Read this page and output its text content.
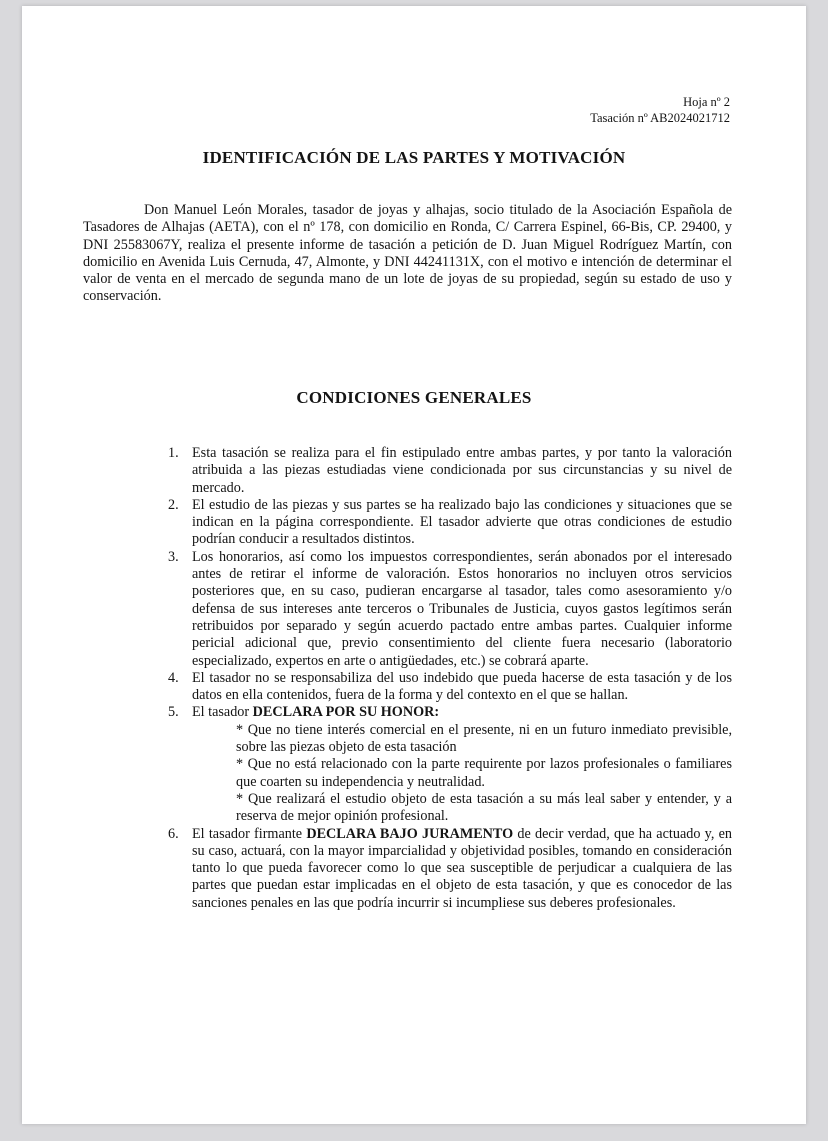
Hoja nº 2
Tasación nº AB2024021712
IDENTIFICACIÓN DE LAS PARTES Y MOTIVACIÓN

Don Manuel León Morales, tasador de joyas y alhajas, socio titulado de la Asociación Española de Tasadores de Alhajas (AETA), con el nº 178, con domicilio en Ronda, C/ Carrera Espinel, 66-Bis, CP. 29400, y DNI 25583067Y, realiza el presente informe de tasación a petición de D. Juan Miguel Rodríguez Martín, con domicilio en Avenida Luis Cernuda, 47, Almonte, y DNI 44241131X, con el motivo e intención de determinar el valor de venta en el mercado de segunda mano de un lote de joyas de su propiedad, según su estado de uso y conservación.

CONDICIONES GENERALES
1. Esta tasación se realiza para el fin estipulado entre ambas partes, y por tanto la valoración atribuida a las piezas estudiadas viene condicionada por sus circunstancias y su nivel de mercado.
2. El estudio de las piezas y sus partes se ha realizado bajo las condiciones y situaciones que se indican en la página correspondiente. El tasador advierte que otras condiciones de estudio podrían conducir a resultados distintos.
3. Los honorarios, así como los impuestos correspondientes, serán abonados por el interesado antes de retirar el informe de valoración. Estos honorarios no incluyen otros servicios posteriores que, en su caso, pudieran encargarse al tasador, tales como asesoramiento y/o defensa de sus intereses ante terceros o Tribunales de Justicia, cuyos gastos legítimos serán retribuidos por separado y según acuerdo pactado entre ambas partes. Cualquier informe pericial adicional que, previo consentimiento del cliente fuera necesario (laboratorio especializado, expertos en arte o antigüedades, etc.) se cobrará aparte.
4. El tasador no se responsabiliza del uso indebido que pueda hacerse de esta tasación y de los datos en ella contenidos, fuera de la forma y del contexto en el que se hallan.
5. El tasador DECLARA POR SU HONOR:
* Que no tiene interés comercial en el presente, ni en un futuro inmediato previsible, sobre las piezas objeto de esta tasación
* Que no está relacionado con la parte requirente por lazos profesionales o familiares que coarten su independencia y neutralidad.
* Que realizará el estudio objeto de esta tasación a su más leal saber y entender, y a reserva de mejor opinión profesional.
6. El tasador firmante DECLARA BAJO JURAMENTO de decir verdad, que ha actuado y, en su caso, actuará, con la mayor imparcialidad y objetividad posibles, tomando en consideración tanto lo que pueda favorecer como lo que sea susceptible de perjudicar a cualquiera de las partes que puedan estar implicadas en el objeto de esta tasación, y que es conocedor de las sanciones penales en las que podría incurrir si incumpliese sus deberes profesionales.
